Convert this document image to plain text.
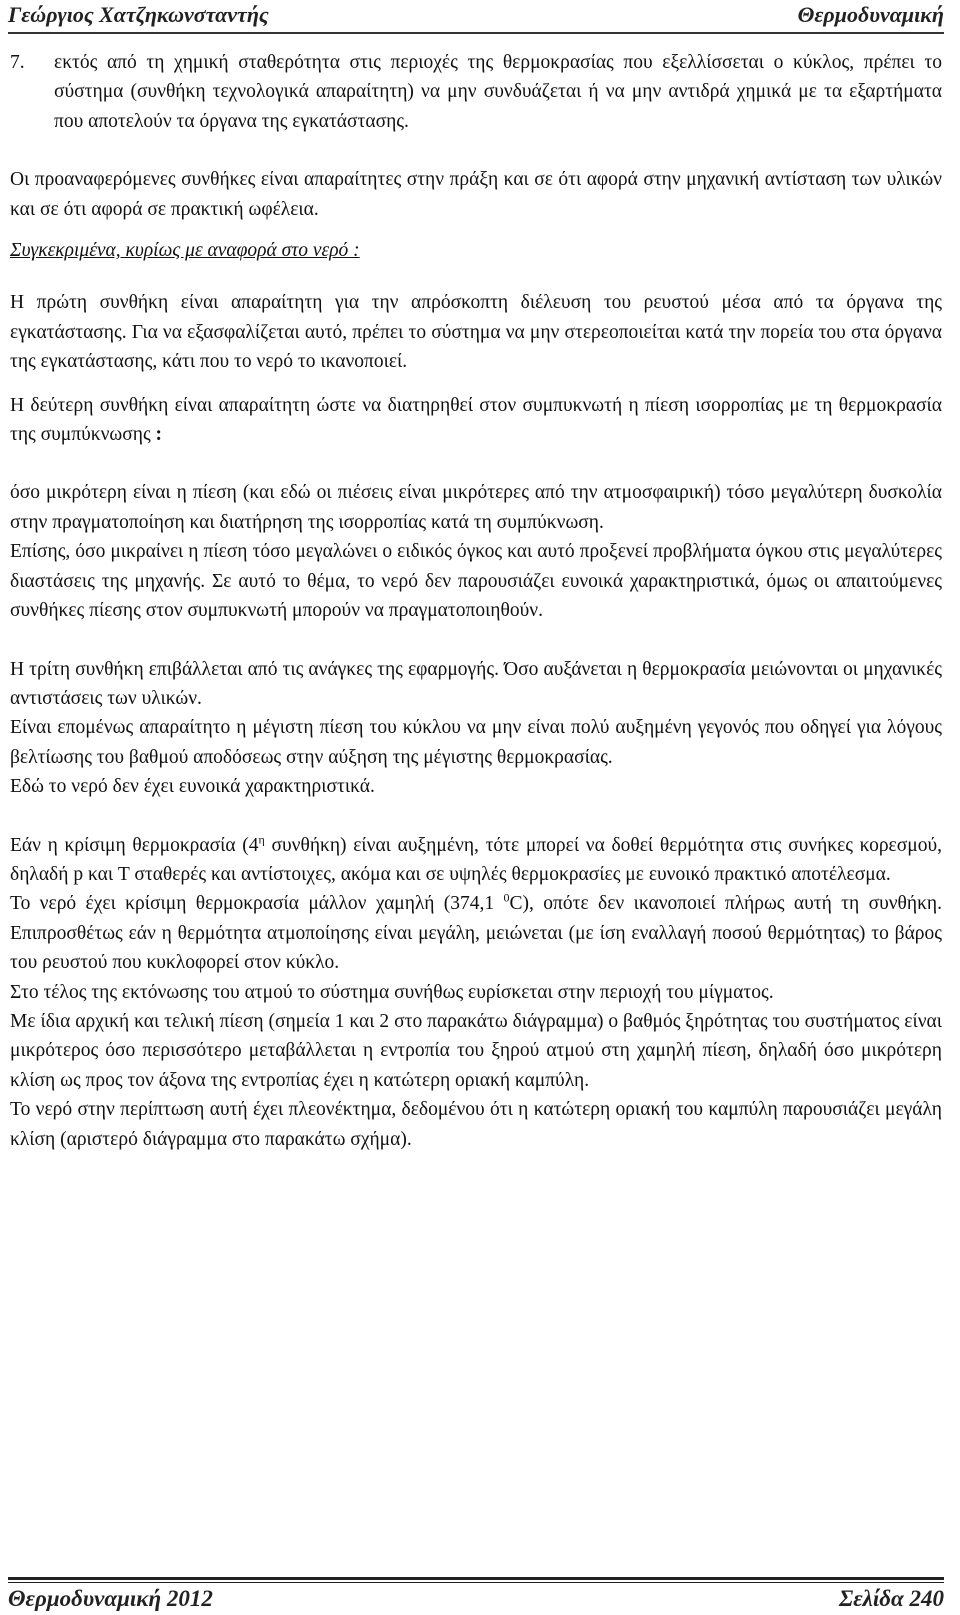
Γεώργιος Χατζηκωνσταντής	Θερμοδυναμική
7.	εκτός από τη χημική σταθερότητα στις περιοχές της θερμοκρασίας που εξελλίσσεται ο κύκλος, πρέπει το σύστημα (συνθήκη τεχνολογικά απαραίτητη) να μην συνδυάζεται ή να μην αντιδρά χημικά με τα εξαρτήματα που αποτελούν τα όργανα της εγκατάστασης.

Οι προαναφερόμενες συνθήκες είναι απαραίτητες στην πράξη και σε ότι αφορά στην μηχανική αντίσταση των υλικών και σε ότι αφορά σε πρακτική ωφέλεια.

Συγκεκριμένα, κυρίως με αναφορά στο νερό :

Η πρώτη συνθήκη είναι απαραίτητη για την απρόσκοπτη διέλευση του ρευστού μέσα από τα όργανα της εγκατάστασης. Για να εξασφαλίζεται αυτό, πρέπει το σύστημα να μην στερεοποιείται κατά την πορεία του στα όργανα της εγκατάστασης, κάτι που το νερό το ικανοποιεί.

Η δεύτερη συνθήκη είναι απαραίτητη ώστε να διατηρηθεί στον συμπυκνωτή η πίεση ισορροπίας με τη θερμοκρασία της συμπύκνωσης :

όσο μικρότερη είναι η πίεση (και εδώ οι πιέσεις είναι μικρότερες από την ατμοσφαιρική) τόσο μεγαλύτερη δυσκολία στην πραγματοποίηση και διατήρηση της ισορροπίας κατά τη συμπύκνωση.

Επίσης, όσο μικραίνει η πίεση τόσο μεγαλώνει ο ειδικός όγκος και αυτό προξενεί προβλήματα όγκου στις μεγαλύτερες διαστάσεις της μηχανής. Σε αυτό το θέμα, το νερό δεν παρουσιάζει ευνοικά χαρακτηριστικά, όμως οι απαιτούμενες συνθήκες πίεσης στον συμπυκνωτή μπορούν να πραγματοποιηθούν.

Η τρίτη συνθήκη επιβάλλεται από τις ανάγκες της εφαρμογής. Όσο αυξάνεται η θερμοκρασία μειώνονται οι μηχανικές αντιστάσεις των υλικών.

Είναι επομένως απαραίτητο η μέγιστη πίεση του κύκλου να μην είναι πολύ αυξημένη γεγονός που οδηγεί για λόγους βελτίωσης του βαθμού αποδόσεως στην αύξηση της μέγιστης θερμοκρασίας.

Εδώ το νερό δεν έχει ευνοικά χαρακτηριστικά.

Εάν η κρίσιμη θερμοκρασία ($4^\eta$ συνθήκη) είναι αυξημένη, τότε μπορεί να δοθεί θερμότητα στις συνήκες κορεσμού, δηλαδή p και T σταθερές και αντίστοιχες, ακόμα και σε υψηλές θερμοκρασίες με ευνοικό πρακτικό αποτέλεσμα.

Το νερό έχει κρίσιμη θερμοκρασία μάλλον χαμηλή (374,1 $^0$C), οπότε δεν ικανοποιεί πλήρως αυτή τη συνθήκη. Επιπροσθέτως εάν η θερμότητα ατμοποίησης είναι μεγάλη, μειώνεται (με ίση εναλλαγή ποσού θερμότητας) το βάρος του ρευστού που κυκλοφορεί στον κύκλο.

Στο τέλος της εκτόνωσης του ατμού το σύστημα συνήθως ευρίσκεται στην περιοχή του μίγματος.

Με ίδια αρχική και τελική πίεση (σημεία 1 και 2 στο παρακάτω διάγραμμα) ο βαθμός ξηρότητας του συστήματος είναι μικρότερος όσο περισσότερο μεταβάλλεται η εντροπία του ξηρού ατμού στη χαμηλή πίεση, δηλαδή όσο μικρότερη κλίση ως προς τον άξονα της εντροπίας έχει η κατώτερη οριακή καμπύλη.

Το νερό στην περίπτωση αυτή έχει πλεονέκτημα, δεδομένου ότι η κατώτερη οριακή του καμπύλη παρουσιάζει μεγάλη κλίση (αριστερό διάγραμμα στο παρακάτω σχήμα).

Θερμοδυναμική 2012	Σελίδα 240
